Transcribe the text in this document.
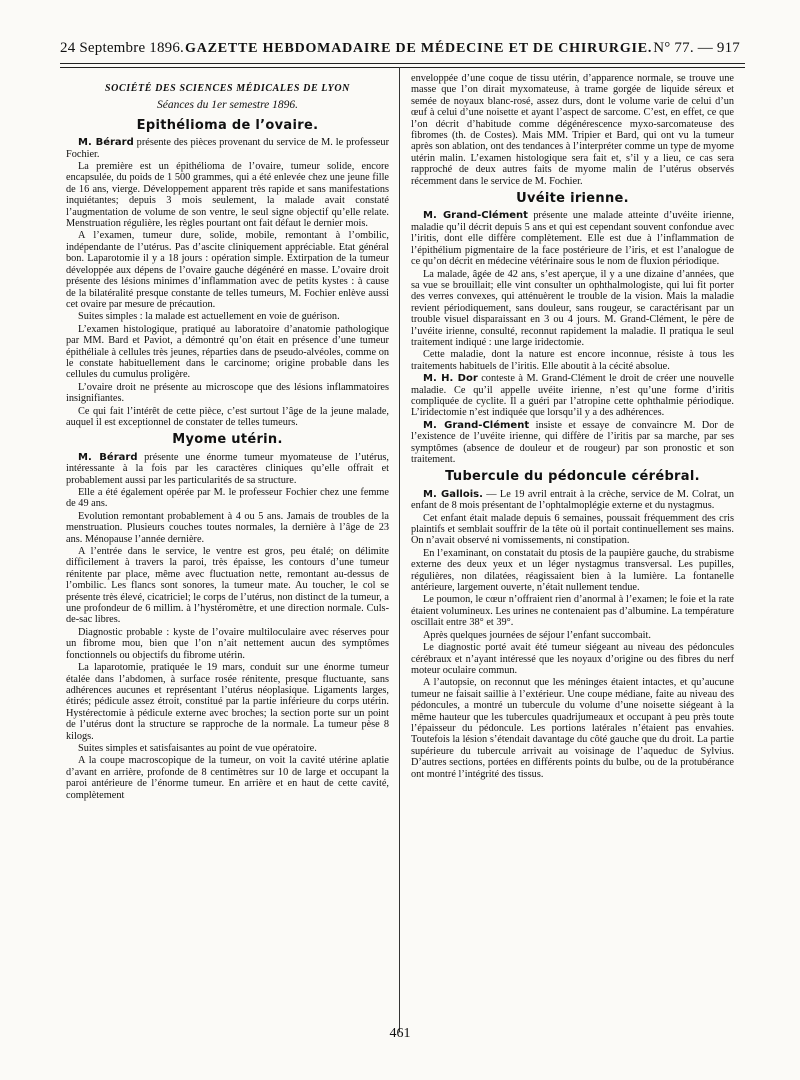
24 Septembre 1896. GAZETTE HEBDOMADAIRE DE MÉDECINE ET DE CHIRURGIE. N° 77. — 917
SOCIÉTÉ DES SCIENCES MÉDICALES DE LYON
Séances du 1er semestre 1896.
Epithélioma de l’ovaire.

M. Bérard présente des pièces provenant du service de M. le professeur Fochier.

La première est un épithélioma de l’ovaire, tumeur solide, encore encapsulée, du poids de 1 500 grammes, qui a été enlevée chez une jeune fille de 16 ans, vierge. Développement apparent très rapide et sans manifestations inquiétantes; depuis 3 mois seulement, la malade avait constaté l’augmentation de volume de son ventre, le seul signe objectif qu’elle relate. Menstruation régulière, les règles pourtant ont fait défaut le dernier mois.

A l’examen, tumeur dure, solide, mobile, remontant à l’ombilic, indépendante de l’utérus. Pas d’ascite cliniquement appréciable. Etat général bon. Laparotomie il y a 18 jours : opération simple. Extirpation de la tumeur développée aux dépens de l’ovaire gauche dégénéré en masse. L’ovaire droit présente des lésions minimes d’inflammation avec de petits kystes : à cause de la bilatéralité presque constante de telles tumeurs, M. Fochier enlève aussi cet ovaire par mesure de précaution.

Suites simples : la malade est actuellement en voie de guérison.

L’examen histologique, pratiqué au laboratoire d’anatomie pathologique par MM. Bard et Paviot, a démontré qu’on était en présence d’une tumeur épithéliale à cellules très jeunes, réparties dans de pseudo-alvéoles, comme on le constate habituellement dans le carcinome; origine probable dans les cellules du cumulus proligère.

L’ovaire droit ne présente au microscope que des lésions inflammatoires insignifiantes.

Ce qui fait l’intérêt de cette pièce, c’est surtout l’âge de la jeune malade, auquel il est exceptionnel de constater de telles tumeurs.

Myome utérin.

M. Bérard présente une énorme tumeur myomateuse de l’utérus, intéressante à la fois par les caractères cliniques qu’elle offrait et probablement aussi par les particularités de sa structure.

Elle a été également opérée par M. le professeur Fochier chez une femme de 49 ans.

Evolution remontant probablement à 4 ou 5 ans. Jamais de troubles de la menstruation. Plusieurs couches toutes normales, la dernière à l’âge de 23 ans. Ménopause l’année dernière.

A l’entrée dans le service, le ventre est gros, peu étalé; on délimite difficilement à travers la paroi, très épaisse, les contours d’une tumeur rénitente par place, même avec fluctuation nette, remontant au-dessus de l’ombilic. Les flancs sont sonores, la tumeur mate. Au toucher, le col se présente très élevé, cicatriciel; le corps de l’utérus, non distinct de la tumeur, a une profondeur de 6 millim. à l’hystéromètre, et une direction normale. Culs-de-sac libres.

Diagnostic probable : kyste de l’ovaire multiloculaire avec réserves pour un fibrome mou, bien que l’on n’ait nettement aucun des symptômes fonctionnels ou objectifs du fibrome utérin.

La laparotomie, pratiquée le 19 mars, conduit sur une énorme tumeur étalée dans l’abdomen, à surface rosée rénitente, presque fluctuante, sans adhérences aucunes et représentant l’utérus néoplasique. Ligaments larges, étirés; pédicule assez étroit, constitué par la partie inférieure du corps utérin. Hystérectomie à pédicule externe avec broches; la section porte sur un point de l’utérus dont la structure se rapproche de la normale. La tumeur pèse 8 kilogs.

Suites simples et satisfaisantes au point de vue opératoire.

A la coupe macroscopique de la tumeur, on voit la cavité utérine aplatie d’avant en arrière, profonde de 8 centimètres sur 10 de large et occupant la paroi antérieure de l’énorme tumeur. En arrière et en haut de cette cavité, complètement

enveloppée d’une coque de tissu utérin, d’apparence normale, se trouve une masse que l’on dirait myxomateuse, à trame gorgée de liquide séreux et semée de noyaux blanc-rosé, assez durs, dont le volume varie de celui d’un œuf à celui d’une noisette et ayant l’aspect de sarcome. C’est, en effet, ce que l’on décrit d’habitude comme dégénérescence myxo-sarcomateuse des fibromes (th. de Costes). Mais MM. Tripier et Bard, qui ont vu la tumeur après son ablation, ont des tendances à l’interpréter comme un type de myome utérin malin. L’examen histologique sera fait et, s’il y a lieu, ce cas sera rapproché de deux autres faits de myome malin de l’utérus observés récemment dans le service de M. Fochier.

Uvéite irienne.

M. Grand-Clément présente une malade atteinte d’uvéite irienne, maladie qu’il décrit depuis 5 ans et qui est cependant souvent confondue avec l’iritis, dont elle diffère complètement. Elle est due à l’inflammation de l’épithélium pigmentaire de la face postérieure de l’iris, et est l’analogue de ce qu’on décrit en médecine vétérinaire sous le nom de fluxion périodique.

La malade, âgée de 42 ans, s’est aperçue, il y a une dizaine d’années, que sa vue se brouillait; elle vint consulter un ophthalmologiste, qui lui fit porter des verres convexes, qui atténuèrent le trouble de la vision. Mais la maladie revient périodiquement, sans douleur, sans rougeur, se caractérisant par un trouble visuel disparaissant en 3 ou 4 jours. M. Grand-Clément, le père de l’uvéite irienne, consulté, reconnut rapidement la maladie. Il pratiqua le seul traitement indiqué : une large iridectomie.

Cette maladie, dont la nature est encore inconnue, résiste à tous les traitements habituels de l’iritis. Elle aboutit à la cécité absolue.

M. H. Dor conteste à M. Grand-Clément le droit de créer une nouvelle maladie. Ce qu’il appelle uvéite irienne, n’est qu’une forme d’iritis compliquée de cyclite. Il a guéri par l’atropine cette ophthalmie périodique. L’iridectomie n’est indiquée que lorsqu’il y a des adhérences.

M. Grand-Clément insiste et essaye de convaincre M. Dor de l’existence de l’uvéite irienne, qui diffère de l’iritis par sa marche, par ses symptômes (absence de douleur et de rougeur) par son pronostic et son traitement.

Tubercule du pédoncule cérébral.

M. Gallois. — Le 19 avril entrait à la crèche, service de M. Colrat, un enfant de 8 mois présentant de l’ophtalmoplégie externe et du nystagmus.

Cet enfant était malade depuis 6 semaines, poussait fréquemment des cris plaintifs et semblait souffrir de la tête où il portait continuellement ses mains. On n’avait observé ni vomissements, ni constipation.

En l’examinant, on constatait du ptosis de la paupière gauche, du strabisme externe des deux yeux et un léger nystagmus transversal. Les pupilles, régulières, non dilatées, réagissaient bien à la lumière. La fontanelle antérieure, largement ouverte, n’était nullement tendue.

Le poumon, le cœur n’offraient rien d’anormal à l’examen; le foie et la rate étaient volumineux. Les urines ne contenaient pas d’albumine. La température oscillait entre 38° et 39°.

Après quelques journées de séjour l’enfant succombait.

Le diagnostic porté avait été tumeur siégeant au niveau des pédoncules cérébraux et n’ayant intéressé que les noyaux d’origine ou des fibres du nerf moteur oculaire commun.

A l’autopsie, on reconnut que les méninges étaient intactes, et qu’aucune tumeur ne faisait saillie à l’extérieur. Une coupe médiane, faite au niveau des pédoncules, a montré un tubercule du volume d’une noisette siégeant à la même hauteur que les tubercules quadrijumeaux et occupant à peu près toute l’épaisseur du pédoncule. Les portions latérales n’étaient pas envahies. Toutefois la lésion s’étendait davantage du côté gauche que du droit. La partie supérieure du tubercule arrivait au voisinage de l’aqueduc de Sylvius. D’autres sections, portées en différents points du bulbe, ou de la protubérance ont montré l’intégrité des tissus.

461
